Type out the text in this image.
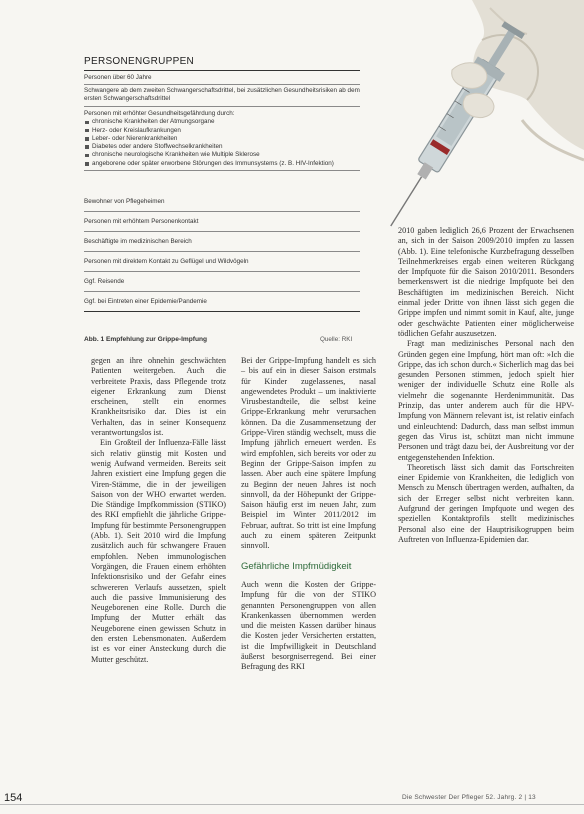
PERSONENGRUPPEN
Personen über 60 Jahre
Schwangere ab dem zweiten Schwangerschaftsdrittel, bei zusätzlichen Gesundheitsrisiken ab dem ersten Schwangerschaftsdrittel
Personen mit erhöhter Gesundheitsgefährdung durch:
chronische Krankheiten der Atmungsorgane
Herz- oder Kreislaufkrankungen
Leber- oder Nierenkrankheiten
Diabetes oder andere Stoffwechselkrankheiten
chronische neurologische Krankheiten wie Multiple Sklerose
angeborene oder später erworbene Störungen des Immunsystems (z. B. HIV-Infektion)
Bewohner von Pflegeheimen
Personen mit erhöhtem Personenkontakt
Beschäftigte im medizinischen Bereich
Personen mit direktem Kontakt zu Geflügel und Wildvögeln
Ggf. Reisende
Ggf. bei Eintreten einer Epidemie/Pandemie
Abb. 1 Empfehlung zur Grippe-Impfung	Quelle: RKI

2010 gaben lediglich 26,6 Prozent der Erwachsenen an, sich in der Saison 2009/2010 impfen zu lassen (Abb. 1). Eine telefonische Kurzbefragung desselben Teilnehmerkreises ergab einen weiteren Rückgang der Impfquote für die Saison 2010/2011. Besonders bemerkenswert ist die niedrige Impfquote bei den Beschäftigten im medizinischen Bereich. Nicht einmal jeder Dritte von ihnen lässt sich gegen die Grippe impfen und nimmt somit in Kauf, alte, junge oder geschwächte Patienten einer möglicherweise tödlichen Gefahr auszusetzen.

Fragt man medizinisches Personal nach den Gründen gegen eine Impfung, hört man oft: »Ich die Grippe, das ich schon durch.« Sicherlich mag das bei gesunden Personen stimmen, jedoch spielt hier weniger der individuelle Schutz eine Rolle als vielmehr die sogenannte Herdenimmunität. Das Prinzip, das unter anderem auch für die HPV-Impfung von Männern relevant ist, ist relativ einfach und einleuchtend: Dadurch, dass man selbst immun gegen das Virus ist, schützt man nicht immune Personen und trägt dazu bei, der Ausbreitung vor der entgegenstehenden Infektion.

Theoretisch lässt sich damit das Fortschreiten einer Epidemie von Krankheiten, die lediglich von Mensch zu Mensch übertragen werden, aufhalten, da sich der Erreger selbst nicht verbreiten kann. Aufgrund der geringen Impfquote und wegen des speziellen Kontaktprofils stellt medizinisches Personal also eine der Hauptrisikogruppen beim Auftreten von Influenza-Epidemien dar.

gegen an ihre ohnehin geschwächten Patienten weitergeben. Auch die verbreitete Praxis, dass Pflegende trotz eigener Erkrankung zum Dienst erscheinen, stellt ein enormes Krankheitsrisiko dar. Dies ist ein Verhalten, das in seiner Konsequenz verantwortungslos ist.

Ein Großteil der Influenza-Fälle lässt sich relativ günstig mit Kosten und wenig Aufwand vermeiden. Bereits seit Jahren existiert eine Impfung gegen die Viren-Stämme, die in der jeweiligen Saison von der WHO erwartet werden. Die Ständige Impfkommission (STIKO) des RKI empfiehlt die jährliche Grippe-Impfung für bestimmte Personengruppen (Abb. 1). Seit 2010 wird die Impfung zusätzlich auch für schwangere Frauen empfohlen. Neben immunologischen Vorgängen, die Frauen einem erhöhten Infektionsrisiko und der Gefahr eines schwereren Verlaufs aussetzen, spielt auch die passive Immunisierung des Neugeborenen eine Rolle. Durch die Impfung der Mutter erhält das Neugeborene einen gewissen Schutz in den ersten Lebensmonaten. Außerdem ist es vor einer Ansteckung durch die Mutter geschützt.

Bei der Grippe-Impfung handelt es sich – bis auf ein in dieser Saison erstmals für Kinder zugelassenes, nasal angewendetes Produkt – um inaktivierte Virusbestandteile, die selbst keine Grippe-Erkrankung mehr verursachen können. Da die Zusammensetzung der Grippe-Viren ständig wechselt, muss die Impfung jährlich erneuert werden. Es wird empfohlen, sich bereits vor oder zu Beginn der Grippe-Saison impfen zu lassen. Aber auch eine spätere Impfung zu Beginn der neuen Jahres ist noch sinnvoll, da der Höhepunkt der Grippe-Saison häufig erst im neuen Jahr, zum Beispiel im Winter 2011/2012 im Februar, auftrat. So tritt ist eine Impfung auch zu einem späteren Zeitpunkt sinnvoll.

Gefährliche Impfmüdigkeit

Auch wenn die Kosten der Grippe-Impfung für die von der STIKO genannten Personengruppen von allen Krankenkassen übernommen werden und die meisten Kassen darüber hinaus die Kosten jeder Versicherten erstatten, ist die Impfwilligkeit in Deutschland äußerst besorgniserregend. Bei einer Befragung des RKI

154	Die Schwester Der Pfleger 52. Jahrg. 2 | 13
